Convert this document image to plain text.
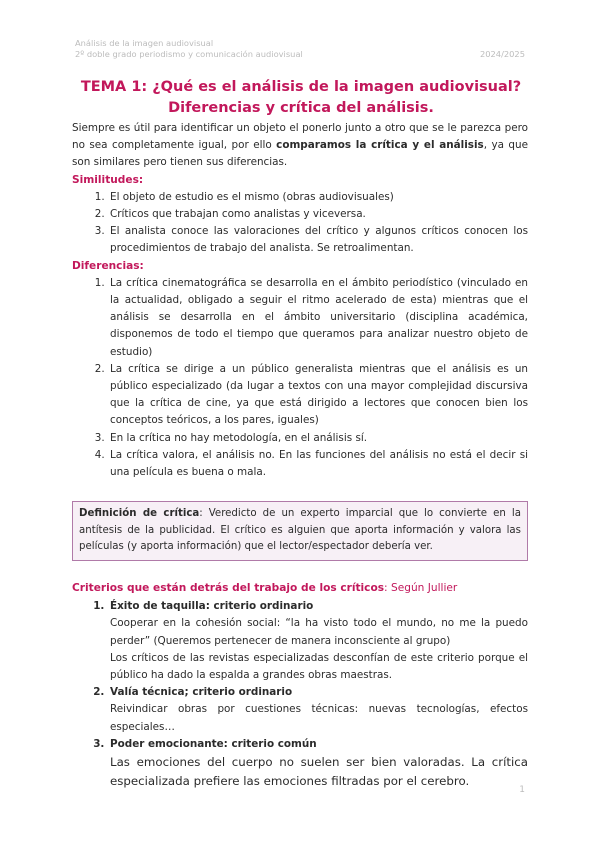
Análisis de la imagen audiovisual
2º doble grado periodismo y comunicación audiovisual	2024/2025
TEMA 1: ¿Qué es el análisis de la imagen audiovisual? Diferencias y crítica del análisis.

Siempre es útil para identificar un objeto el ponerlo junto a otro que se le parezca pero no sea completamente igual, por ello comparamos la crítica y el análisis, ya que son similares pero tienen sus diferencias.

Similitudes:
1. El objeto de estudio es el mismo (obras audiovisuales)
2. Críticos que trabajan como analistas y viceversa.
3. El analista conoce las valoraciones del crítico y algunos críticos conocen los procedimientos de trabajo del analista. Se retroalimentan.
Diferencias:
1. La crítica cinematográfica se desarrolla en el ámbito periodístico (vinculado en la actualidad, obligado a seguir el ritmo acelerado de esta) mientras que el análisis se desarrolla en el ámbito universitario (disciplina académica, disponemos de todo el tiempo que queramos para analizar nuestro objeto de estudio)
2. La crítica se dirige a un público generalista mientras que el análisis es un público especializado (da lugar a textos con una mayor complejidad discursiva que la crítica de cine, ya que está dirigido a lectores que conocen bien los conceptos teóricos, a los pares, iguales)
3. En la crítica no hay metodología, en el análisis sí.
4. La crítica valora, el análisis no. En las funciones del análisis no está el decir si una película es buena o mala.
Definición de crítica: Veredicto de un experto imparcial que lo convierte en la antítesis de la publicidad. El crítico es alguien que aporta información y valora las películas (y aporta información) que el lector/espectador debería ver.
Criterios que están detrás del trabajo de los críticos: Según Jullier
1. Éxito de taquilla: criterio ordinario
Cooperar en la cohesión social: “la ha visto todo el mundo, no me la puedo perder” (Queremos pertenecer de manera inconsciente al grupo)
Los críticos de las revistas especializadas desconfían de este criterio porque el público ha dado la espalda a grandes obras maestras.
2. Valía técnica; criterio ordinario
Reivindicar obras por cuestiones técnicas: nuevas tecnologías, efectos especiales…
3. Poder emocionante: criterio común
Las emociones del cuerpo no suelen ser bien valoradas. La crítica especializada prefiere las emociones filtradas por el cerebro.
1
